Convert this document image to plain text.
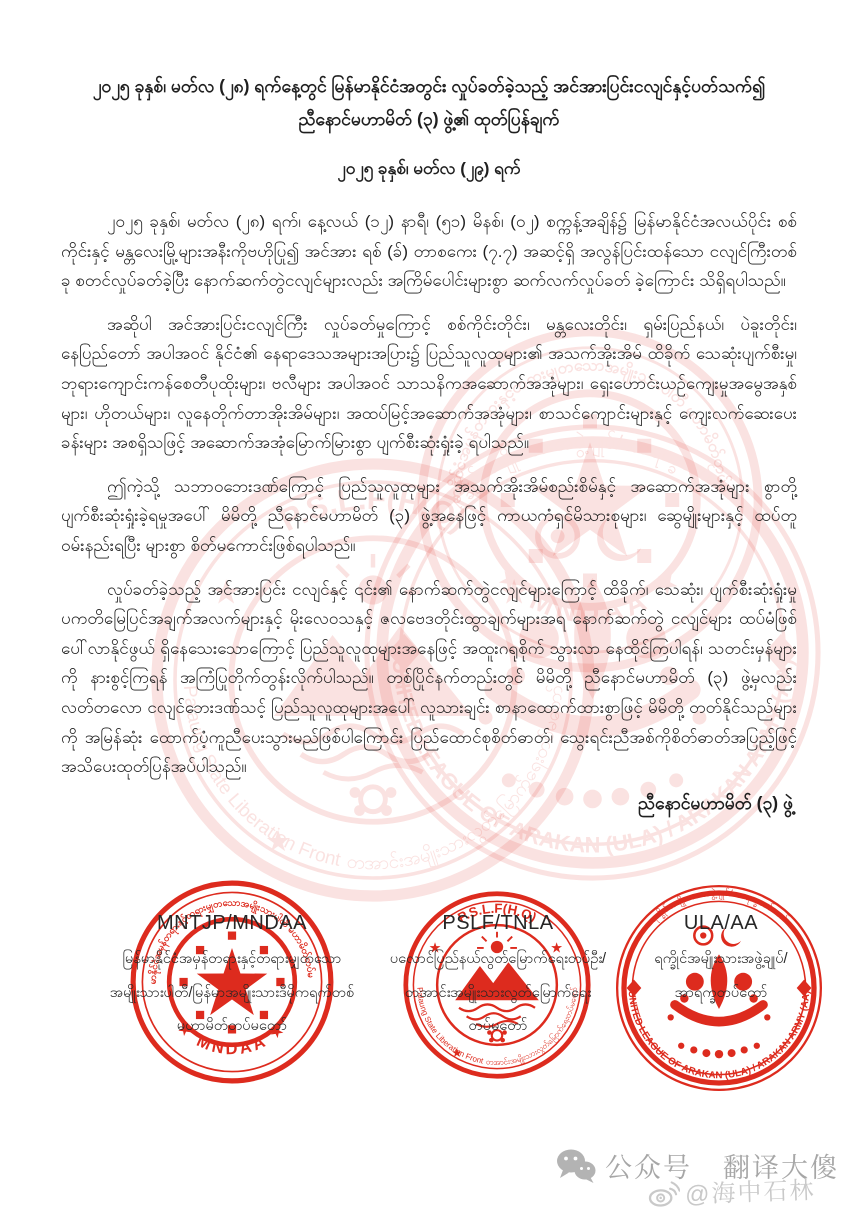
၂၀၂၅ ခုနှစ်၊ မတ်လ (၂၈) ရက်နေ့တွင် မြန်မာနိုင်ငံအတွင်း လှုပ်ခတ်ခဲ့သည့် အင်အားပြင်းငလျင်နှင့်ပတ်သက်၍
ညီနောင်မဟာမိတ် (၃) ဖွဲ့၏ ထုတ်ပြန်ချက်
၂၀၂၅ ခုနှစ်၊ မတ်လ (၂၉) ရက်

၂၀၂၅ ခုနှစ်၊ မတ်လ (၂၈) ရက်၊ နေ့လယ် (၁၂) နာရီ၊ (၅၁) မိနစ်၊ (၀၂) စက္ကန့်အချိန်၌ မြန်မာနိုင်ငံအလယ်ပိုင်း စစ်ကိုင်းနှင့် မန္တလေးမြို့များအနီးကိုဗဟိုပြု၍ အင်အား ရစ် (ခ်) တာစကေး (၇.၇) အဆင့်ရှိ အလွန်ပြင်းထန်သော ငလျင်ကြီးတစ်ခု စတင်လှုပ်ခတ်ခဲ့ပြီး နောက်ဆက်တွဲငလျင်များလည်း အကြိမ်ပေါင်းများစွာ ဆက်လက်လှုပ်ခတ် ခဲ့ကြောင်း သိရှိရပါသည်။

အဆိုပါ အင်အားပြင်းငလျင်ကြီး လှုပ်ခတ်မှုကြောင့် စစ်ကိုင်းတိုင်း၊ မန္တလေးတိုင်း၊ ရှမ်းပြည်နယ်၊ ပဲခူးတိုင်း၊ နေပြည်တော် အပါအဝင် နိုင်ငံ၏ နေရာဒေသအများအပြား၌ ပြည်သူလူထုများ၏ အသက်အိုးအိမ် ထိခိုက် သေဆုံးပျက်စီးမှု၊ ဘုရားကျောင်းကန်စေတီပုထိုးများ၊ ဗလီများ အပါအဝင် သာသနိကအဆောက်အအုံများ၊ ရှေးဟောင်းယဉ်ကျေးမှုအမွေအနှစ်များ၊ ဟိုတယ်များ၊ လူနေတိုက်တာအိုးအိမ်များ၊ အထပ်မြင့်အဆောက်အအုံများ၊ စာသင်ကျောင်းများနှင့် ကျေးလက်ဆေးပေးခန်းများ အစရှိသဖြင့် အဆောက်အအုံမြောက်မြားစွာ ပျက်စီးဆုံးရှုံးခဲ့ ရပါသည်။

ဤကဲ့သို့ သဘာဝဘေးဒဏ်ကြောင့် ပြည်သူလူထုများ အသက်အိုးအိမ်စည်းစိမ်နှင့် အဆောက်အအုံများ စွာတို့ ပျက်စီးဆုံးရှုံးခဲ့ရမှုအပေါ် မိမိတို့ ညီနောင်မဟာမိတ် (၃) ဖွဲ့အနေဖြင့် ကာယကံရှင်မိသားစုများ၊ ဆွေမျိုးများနှင့် ထပ်တူ ဝမ်းနည်းရပြီး များစွာ စိတ်မကောင်းဖြစ်ရပါသည်။

လှုပ်ခတ်ခဲ့သည့် အင်အားပြင်း ငလျင်နှင့် ၎င်း၏ နောက်ဆက်တွဲငလျင်များကြောင့် ထိခိုက်၊ သေဆုံး၊ ပျက်စီးဆုံးရှုံးမှု ပကတိမြေပြင်အချက်အလက်များနှင့် မိုးလေဝသနှင့် ဇလဗေဒတိုင်းထွာချက်များအရ နောက်ဆက်တွဲ ငလျင်များ ထပ်မံဖြစ်ပေါ်လာနိုင်ဖွယ် ရှိနေသေးသောကြောင့် ပြည်သူလူထုများအနေဖြင့် အထူးဂရုစိုက် သွားလာ နေထိုင်ကြပါရန်၊ သတင်းမှန်များကို နားစွင့်ကြရန် အကြံပြုတိုက်တွန်းလိုက်ပါသည်။ တစ်ပြိုင်နက်တည်းတွင် မိမိတို့ ညီနောင်မဟာမိတ် (၃) ဖွဲ့မှလည်း လတ်တလော ငလျင်ဘေးဒဏ်သင့် ပြည်သူလူထုများအပေါ် လူသားချင်း စာနာထောက်ထားစွာဖြင့် မိမိတို့ တတ်နိုင်သည်များကို အမြန်ဆုံး ထောက်ပံ့ကူညီပေးသွားမည်ဖြစ်ပါကြောင်း ပြည်ထောင်စုစိတ်ဓာတ်၊ သွေးရင်းညီအစ်ကိုစိတ်ဓာတ်အပြည့်ဖြင့် အသိပေးထုတ်ပြန်အပ်ပါသည်။

ညီနောင်မဟာမိတ် (၃) ဖွဲ့
MNTJP/MNDAA
မြန်မာနိုင်ငံအမှန်တရားနှင့်တရားမျှတသော
အမျိုးသားပါတီ/မြန်မာအမျိုးသားဒီမိုကရက်တစ်
မဟာမိတ်တပ်မတော်
PSLF/TNLA
ပလောင်ပြည်နယ်လွတ်မြောက်ရေးတပ်ဦး/
တအာင်းအမျိုးသားလွတ်မြောက်ရေး
တပ်မတော်
ULA/AA
ရက္ခိုင်အမျိုးသားအဖွဲ့ချုပ်/
အာရက္ခတပ်တော်
公众号 翻译大傻
@海中石林
